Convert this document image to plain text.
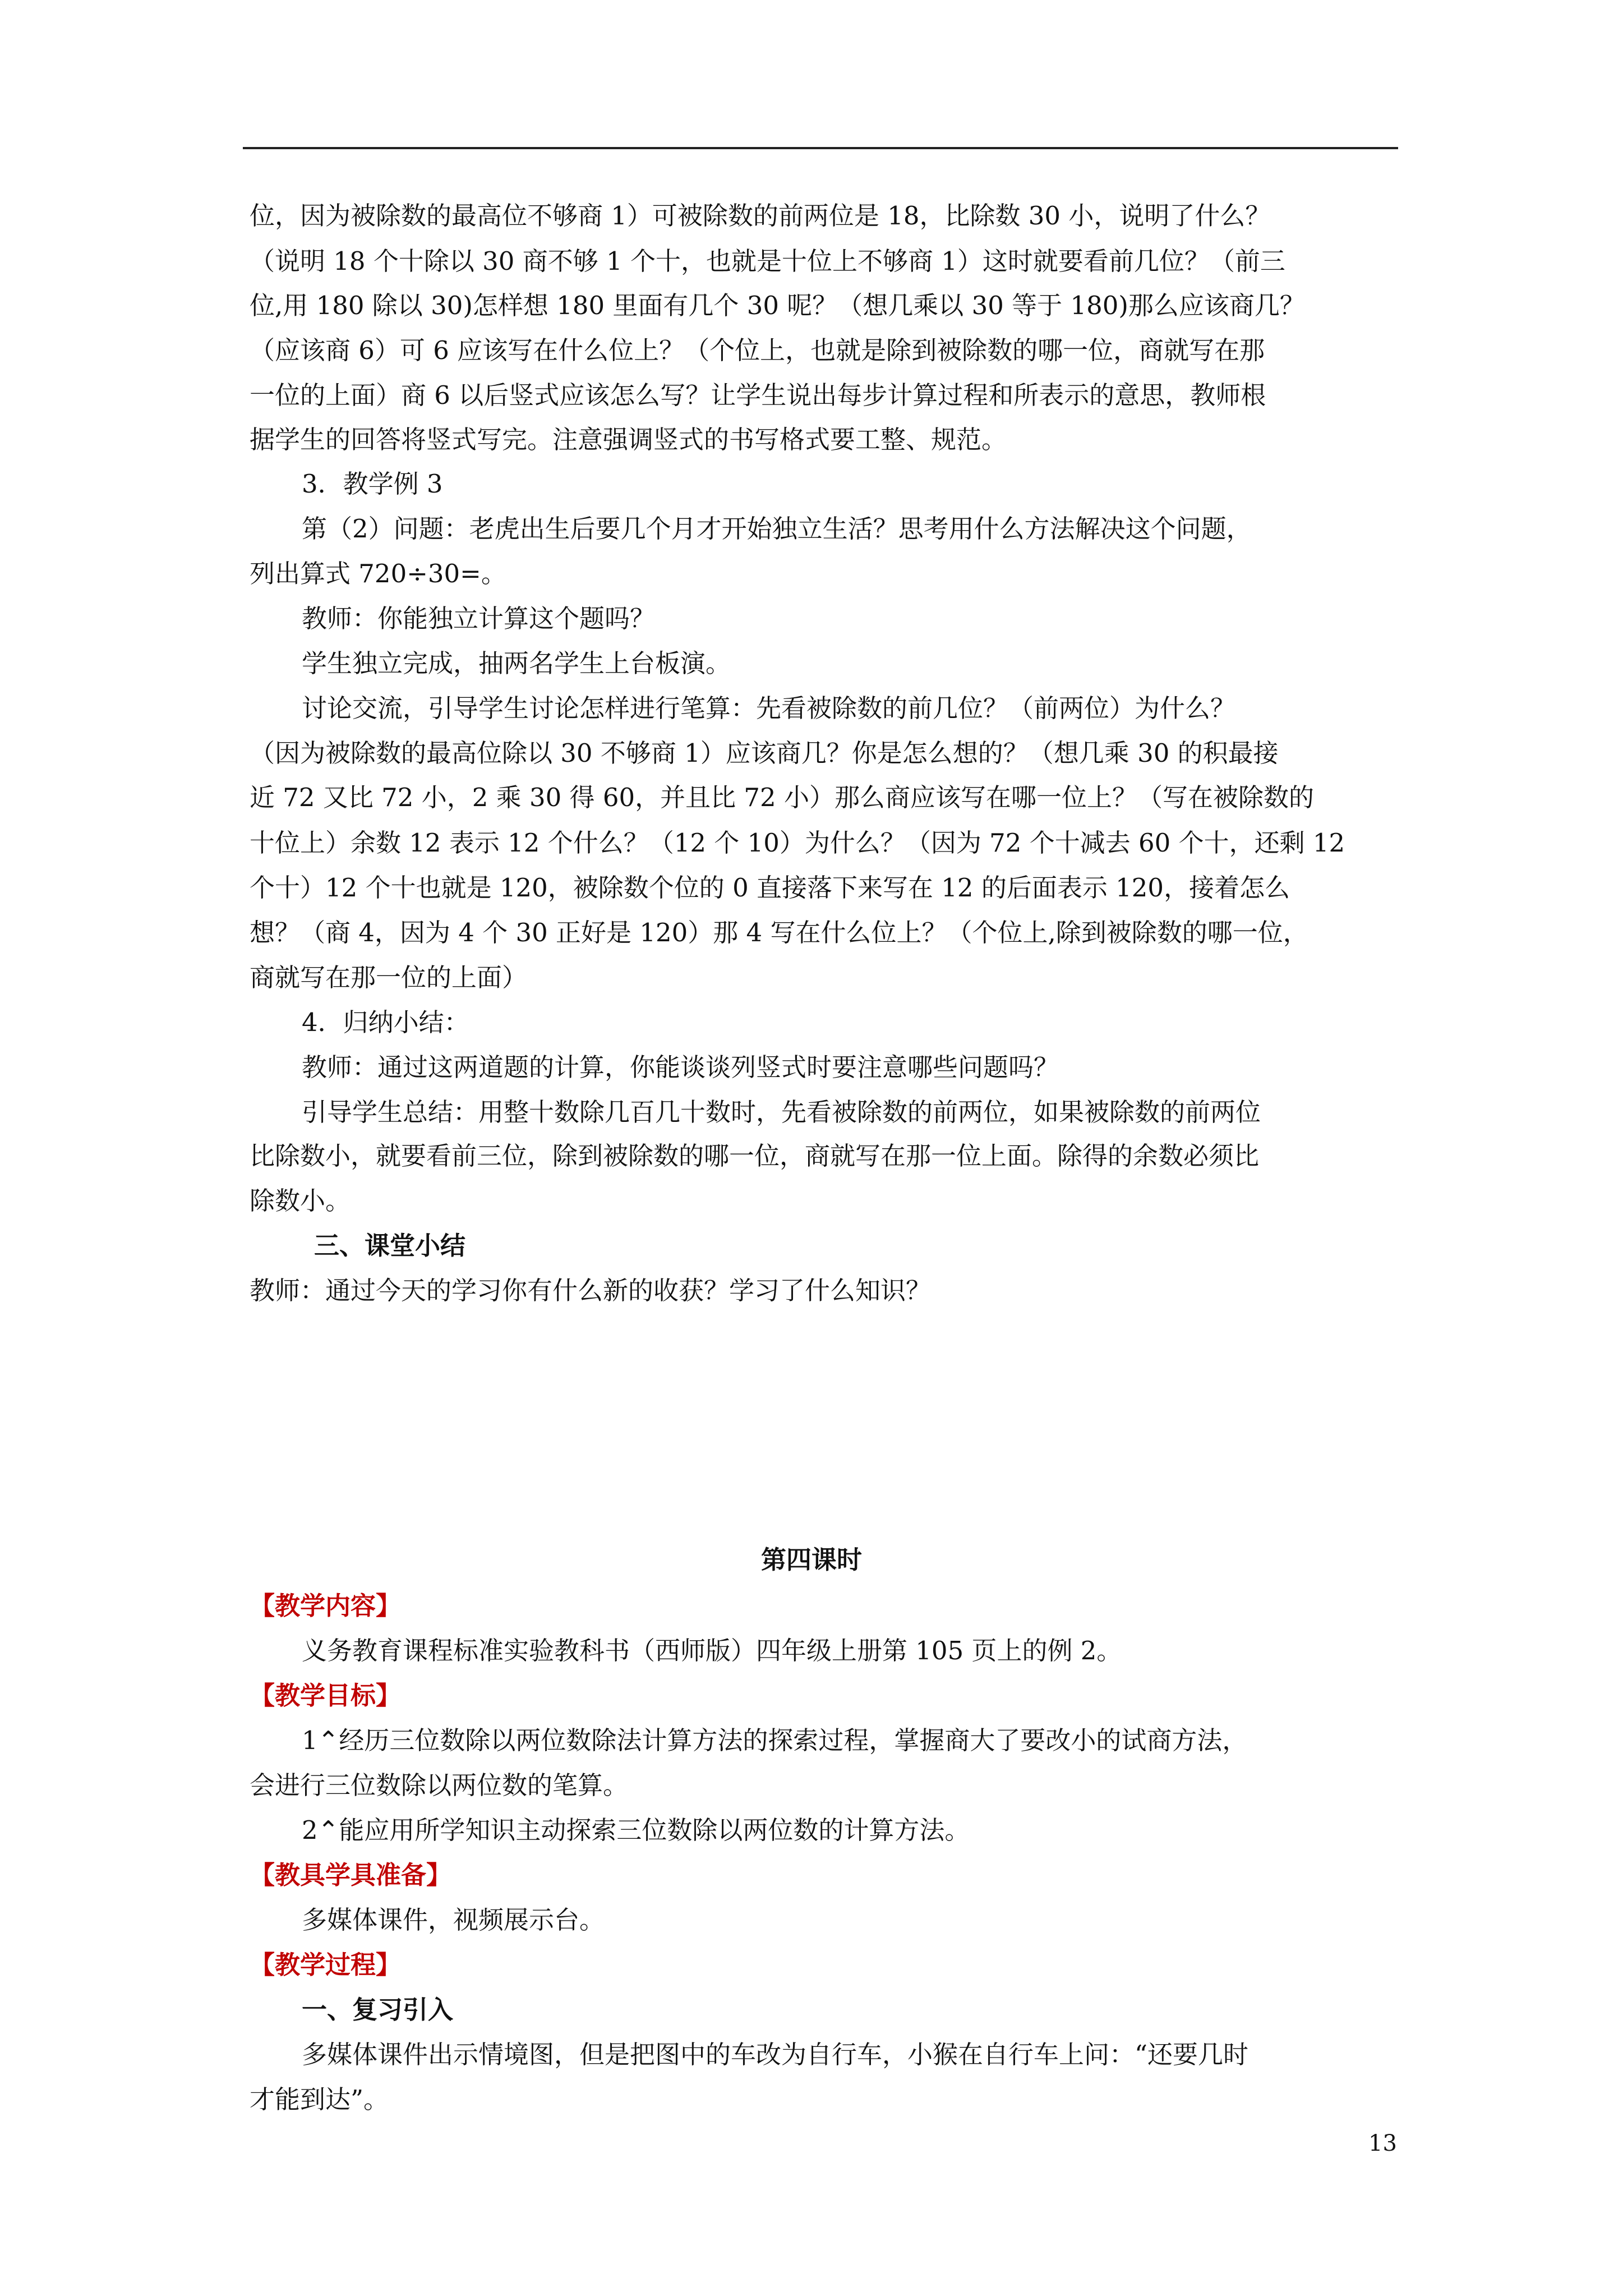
位，因为被除数的最高位不够商 1）可被除数的前两位是 18，比除数 30 小，说明了什么？
（说明 18 个十除以 30 商不够 1 个十，也就是十位上不够商 1）这时就要看前几位？（前三
位,用 180 除以 30)怎样想 180 里面有几个 30 呢？（想几乘以 30 等于 180)那么应该商几？
（应该商 6）可 6 应该写在什么位上？（个位上，也就是除到被除数的哪一位，商就写在那
一位的上面）商 6 以后竖式应该怎么写？让学生说出每步计算过程和所表示的意思，教师根
据学生的回答将竖式写完。注意强调竖式的书写格式要工整、规范。
3．教学例 3
第（2）问题：老虎出生后要几个月才开始独立生活？思考用什么方法解决这个问题，
列出算式 720÷30=。
教师：你能独立计算这个题吗？
学生独立完成，抽两名学生上台板演。
讨论交流，引导学生讨论怎样进行笔算：先看被除数的前几位？（前两位）为什么？
（因为被除数的最高位除以 30 不够商 1）应该商几？你是怎么想的？（想几乘 30 的积最接
近 72 又比 72 小，2 乘 30 得 60，并且比 72 小）那么商应该写在哪一位上？（写在被除数的
十位上）余数 12 表示 12 个什么？（12 个 10）为什么？（因为 72 个十减去 60 个十，还剩 12
个十）12 个十也就是 120，被除数个位的 0 直接落下来写在 12 的后面表示 120，接着怎么
想？（商 4，因为 4 个 30 正好是 120）那 4 写在什么位上？（个位上,除到被除数的哪一位，
商就写在那一位的上面）
4．归纳小结：
教师：通过这两道题的计算，你能谈谈列竖式时要注意哪些问题吗？
引导学生总结：用整十数除几百几十数时，先看被除数的前两位，如果被除数的前两位
比除数小，就要看前三位，除到被除数的哪一位，商就写在那一位上面。除得的余数必须比
除数小。
三、课堂小结
教师：通过今天的学习你有什么新的收获？学习了什么知识？
第四课时
【教学内容】
义务教育课程标准实验教科书（西师版）四年级上册第 105 页上的例 2。
【教学目标】
1⌃经历三位数除以两位数除法计算方法的探索过程，掌握商大了要改小的试商方法，
会进行三位数除以两位数的笔算。
2⌃能应用所学知识主动探索三位数除以两位数的计算方法。
【教具学具准备】
多媒体课件，视频展示台。
【教学过程】
一、复习引入
多媒体课件出示情境图，但是把图中的车改为自行车，小猴在自行车上问：“还要几时
才能到达”。
13
